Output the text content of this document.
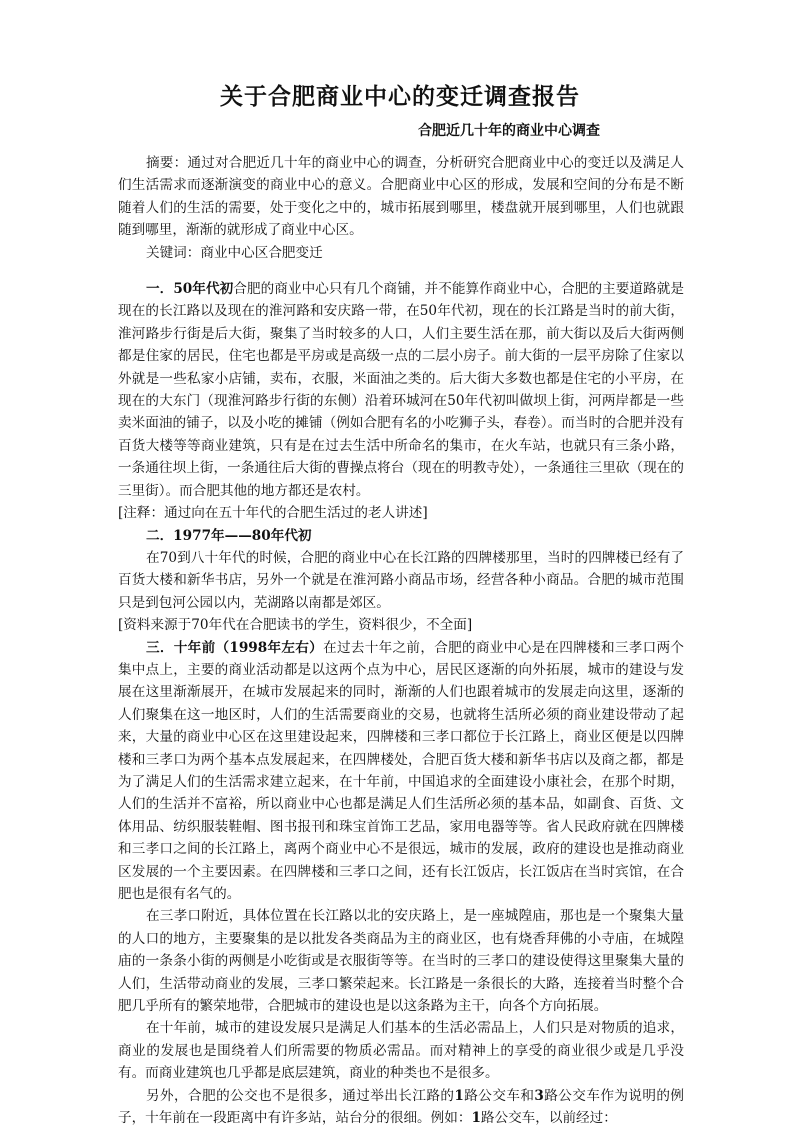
关于合肥商业中心的变迁调查报告
合肥近几十年的商业中心调查

摘要：通过对合肥近几十年的商业中心的调查，分析研究合肥商业中心的变迁以及满足人们生活需求而逐渐演变的商业中心的意义。合肥商业中心区的形成，发展和空间的分布是不断随着人们的生活的需要，处于变化之中的，城市拓展到哪里，楼盘就开展到哪里，人们也就跟随到哪里，渐渐的就形成了商业中心区。

关键词：商业中心区合肥变迁

一．50年代初合肥的商业中心只有几个商铺，并不能算作商业中心，合肥的主要道路就是现在的长江路以及现在的淮河路和安庆路一带，在50年代初，现在的长江路是当时的前大街，淮河路步行街是后大街，聚集了当时较多的人口，人们主要生活在那，前大街以及后大街两侧都是住家的居民，住宅也都是平房或是高级一点的二层小房子。前大街的一层平房除了住家以外就是一些私家小店铺，卖布，衣服，米面油之类的。后大街大多数也都是住宅的小平房，在现在的大东门（现淮河路步行街的东侧）沿着环城河在50年代初叫做坝上街，河两岸都是一些卖米面油的铺子，以及小吃的摊铺（例如合肥有名的小吃狮子头，春卷）。而当时的合肥并没有百货大楼等等商业建筑，只有是在过去生活中所命名的集市，在火车站，也就只有三条小路，一条通往坝上街，一条通往后大街的曹操点将台（现在的明教寺处），一条通往三里砍（现在的三里街）。而合肥其他的地方都还是农村。

[注释：通过向在五十年代的合肥生活过的老人讲述]

二．1977年——80年代初

在70到八十年代的时候，合肥的商业中心在长江路的四牌楼那里，当时的四牌楼已经有了百货大楼和新华书店，另外一个就是在淮河路小商品市场，经营各种小商品。合肥的城市范围只是到包河公园以内，芜湖路以南都是郊区。

[资料来源于70年代在合肥读书的学生，资料很少，不全面]

三．十年前（1998年左右）在过去十年之前，合肥的商业中心是在四牌楼和三孝口两个集中点上，主要的商业活动都是以这两个点为中心，居民区逐渐的向外拓展，城市的建设与发展在这里渐渐展开，在城市发展起来的同时，渐渐的人们也跟着城市的发展走向这里，逐渐的人们聚集在这一地区时，人们的生活需要商业的交易，也就将生活所必须的商业建设带动了起来，大量的商业中心区在这里建设起来，四牌楼和三孝口都位于长江路上，商业区便是以四牌楼和三孝口为两个基本点发展起来，在四牌楼处，合肥百货大楼和新华书店以及商之都，都是为了满足人们的生活需求建立起来，在十年前，中国追求的全面建设小康社会，在那个时期，人们的生活并不富裕，所以商业中心也都是满足人们生活所必须的基本品，如副食、百货、文体用品、纺织服装鞋帽、图书报刊和珠宝首饰工艺品，家用电器等等。省人民政府就在四牌楼和三孝口之间的长江路上，离两个商业中心不是很远，城市的发展，政府的建设也是推动商业区发展的一个主要因素。在四牌楼和三孝口之间，还有长江饭店，长江饭店在当时宾馆，在合肥也是很有名气的。

在三孝口附近，具体位置在长江路以北的安庆路上，是一座城隍庙，那也是一个聚集大量的人口的地方，主要聚集的是以批发各类商品为主的商业区，也有烧香拜佛的小寺庙，在城隍庙的一条条小街的两侧是小吃街或是衣服街等等。在当时的三孝口的建设使得这里聚集大量的人们，生活带动商业的发展，三孝口繁荣起来。长江路是一条很长的大路，连接着当时整个合肥几乎所有的繁荣地带，合肥城市的建设也是以这条路为主干，向各个方向拓展。

在十年前，城市的建设发展只是满足人们基本的生活必需品上，人们只是对物质的追求，商业的发展也是围绕着人们所需要的物质必需品。而对精神上的享受的商业很少或是几乎没有。而商业建筑也几乎都是底层建筑，商业的种类也不是很多。

另外，合肥的公交也不是很多，通过举出长江路的1路公交车和3路公交车作为说明的例子，十年前在一段距离中有许多站，站台分的很细。例如：1路公交车，以前经过：
